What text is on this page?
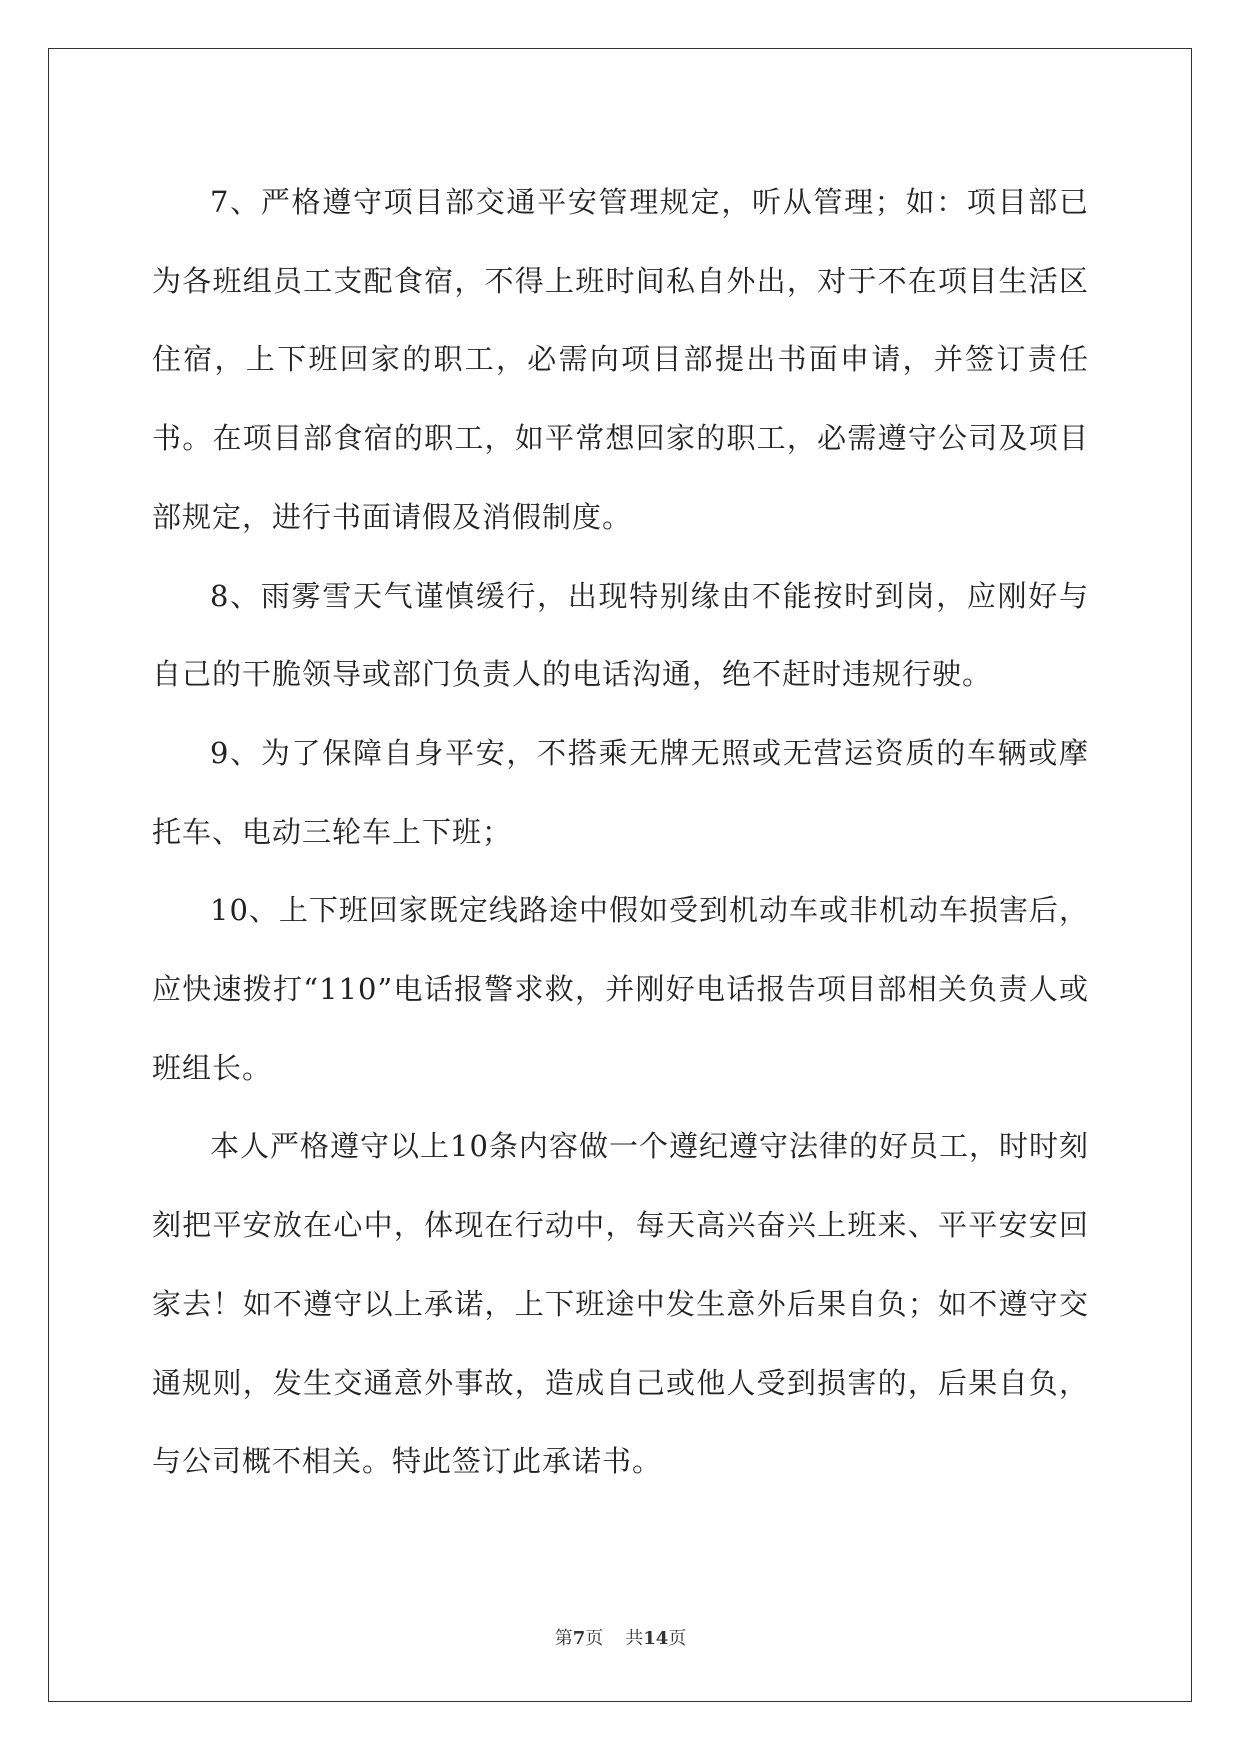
7、严格遵守项目部交通平安管理规定，听从管理；如：项目部已为各班组员工支配食宿，不得上班时间私自外出，对于不在项目生活区住宿，上下班回家的职工，必需向项目部提出书面申请，并签订责任书。在项目部食宿的职工，如平常想回家的职工，必需遵守公司及项目部规定，进行书面请假及消假制度。

8、雨雾雪天气谨慎缓行，出现特别缘由不能按时到岗，应刚好与自己的干脆领导或部门负责人的电话沟通，绝不赶时违规行驶。

9、为了保障自身平安，不搭乘无牌无照或无营运资质的车辆或摩托车、电动三轮车上下班；

10、上下班回家既定线路途中假如受到机动车或非机动车损害后，应快速拨打“110”电话报警求救，并刚好电话报告项目部相关负责人或班组长。

本人严格遵守以上10条内容做一个遵纪遵守法律的好员工，时时刻刻把平安放在心中，体现在行动中，每天高兴奋兴上班来、平平安安回家去！如不遵守以上承诺，上下班途中发生意外后果自负；如不遵守交通规则，发生交通意外事故，造成自己或他人受到损害的，后果自负，与公司概不相关。特此签订此承诺书。

第7页 共14页
